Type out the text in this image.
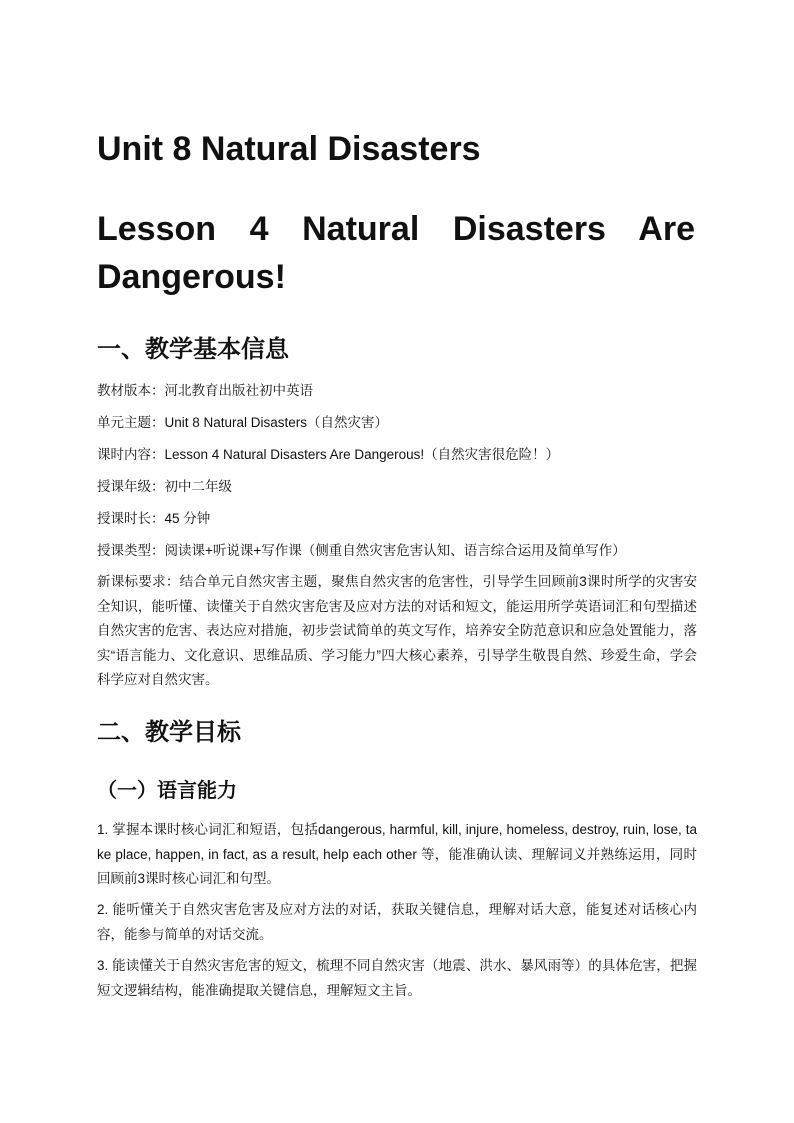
Unit 8 Natural Disasters
Lesson 4 Natural Disasters Are Dangerous!
一、教学基本信息

教材版本：河北教育出版社初中英语

单元主题：Unit 8 Natural Disasters（自然灾害）

课时内容：Lesson 4 Natural Disasters Are Dangerous!（自然灾害很危险！）

授课年级：初中二年级

授课时长：45 分钟

授课类型：阅读课+听说课+写作课（侧重自然灾害危害认知、语言综合运用及简单写作）

新课标要求：结合单元自然灾害主题，聚焦自然灾害的危害性，引导学生回顾前3课时所学的灾害安全知识，能听懂、读懂关于自然灾害危害及应对方法的对话和短文，能运用所学英语词汇和句型描述自然灾害的危害、表达应对措施，初步尝试简单的英文写作，培养安全防范意识和应急处置能力，落实“语言能力、文化意识、思维品质、学习能力”四大核心素养，引导学生敬畏自然、珍爱生命，学会科学应对自然灾害。

二、教学目标
（一）语言能力

1. 掌握本课时核心词汇和短语，包括dangerous, harmful, kill, injure, homeless, destroy, ruin, lose, take place, happen, in fact, as a result, help each other 等，能准确认读、理解词义并熟练运用，同时回顾前3课时核心词汇和句型。

2. 能听懂关于自然灾害危害及应对方法的对话，获取关键信息，理解对话大意，能复述对话核心内容，能参与简单的对话交流。

3. 能读懂关于自然灾害危害的短文，梳理不同自然灾害（地震、洪水、暴风雨等）的具体危害，把握短文逻辑结构，能准确提取关键信息，理解短文主旨。
